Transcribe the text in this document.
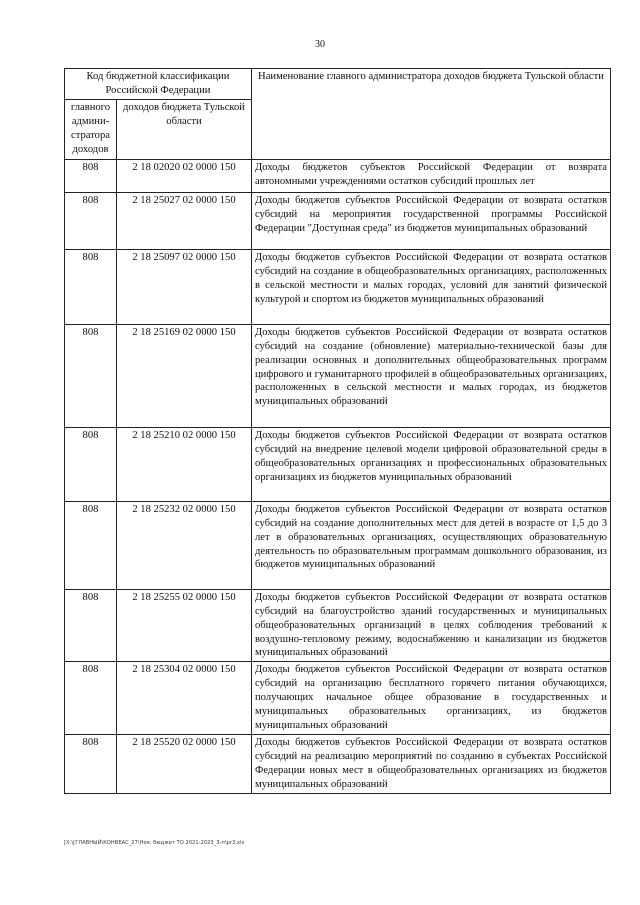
30
Код бюджетной классификации Российской Федерации		Наименование главного администратора доходов бюджета Тульской области
главного админи-стратора доходов	доходов бюджета Тульской области	
808	2 18 02020 02 0000 150	Доходы бюджетов субъектов Российской Федерации от возврата автономными учреждениями остатков субсидий прошлых лет
808	2 18 25027 02 0000 150	Доходы бюджетов субъектов Российской Федерации от возврата остатков субсидий на мероприятия государственной программы Российской Федерации "Доступная среда" из бюджетов муниципальных образований
808	2 18 25097 02 0000 150	Доходы бюджетов субъектов Российской Федерации от возврата остатков субсидий на создание в общеобразовательных организациях, расположенных в сельской местности и малых городах, условий для занятий физической культурой и спортом из бюджетов муниципальных образований
808	2 18 25169 02 0000 150	Доходы бюджетов субъектов Российской Федерации от возврата остатков субсидий на создание (обновление) материально-технической базы для реализации основных и дополнительных общеобразовательных программ цифрового и гуманитарного профилей в общеобразовательных организациях, расположенных в сельской местности и малых городах, из бюджетов муниципальных образований
808	2 18 25210 02 0000 150	Доходы бюджетов субъектов Российской Федерации от возврата остатков субсидий на внедрение целевой модели цифровой образовательной среды в общеобразовательных организациях и профессиональных образовательных организациях из бюджетов муниципальных образований
808	2 18 25232 02 0000 150	Доходы бюджетов субъектов Российской Федерации от возврата остатков субсидий на создание дополнительных мест для детей в возрасте от 1,5 до 3 лет в образовательных организациях, осуществляющих образовательную деятельность по образовательным программам дошкольного образования, из бюджетов муниципальных образований
808	2 18 25255 02 0000 150	Доходы бюджетов субъектов Российской Федерации от возврата остатков субсидий на благоустройство зданий государственных и муниципальных общеобразовательных организаций в целях соблюдения требований к воздушно-тепловому режиму, водоснабжению и канализации из бюджетов муниципальных образований
808	2 18 25304 02 0000 150	Доходы бюджетов субъектов Российской Федерации от возврата остатков субсидий на организацию бесплатного горячего питания обучающихся, получающих начальное общее образование в государственных и муниципальных образовательных организациях, из бюджетов муниципальных образований
808	2 18 25520 02 0000 150	Доходы бюджетов субъектов Российской Федерации от возврата остатков субсидий на реализацию мероприятий по созданию в субъектах Российской Федерации новых мест в общеобразовательных организациях из бюджетов муниципальных образований
[X:\[ГЛАВНЫЙ\КОНВЕАС_27\Ноя. бюджет ТО 2021-2023_3-п\pr3.xls
